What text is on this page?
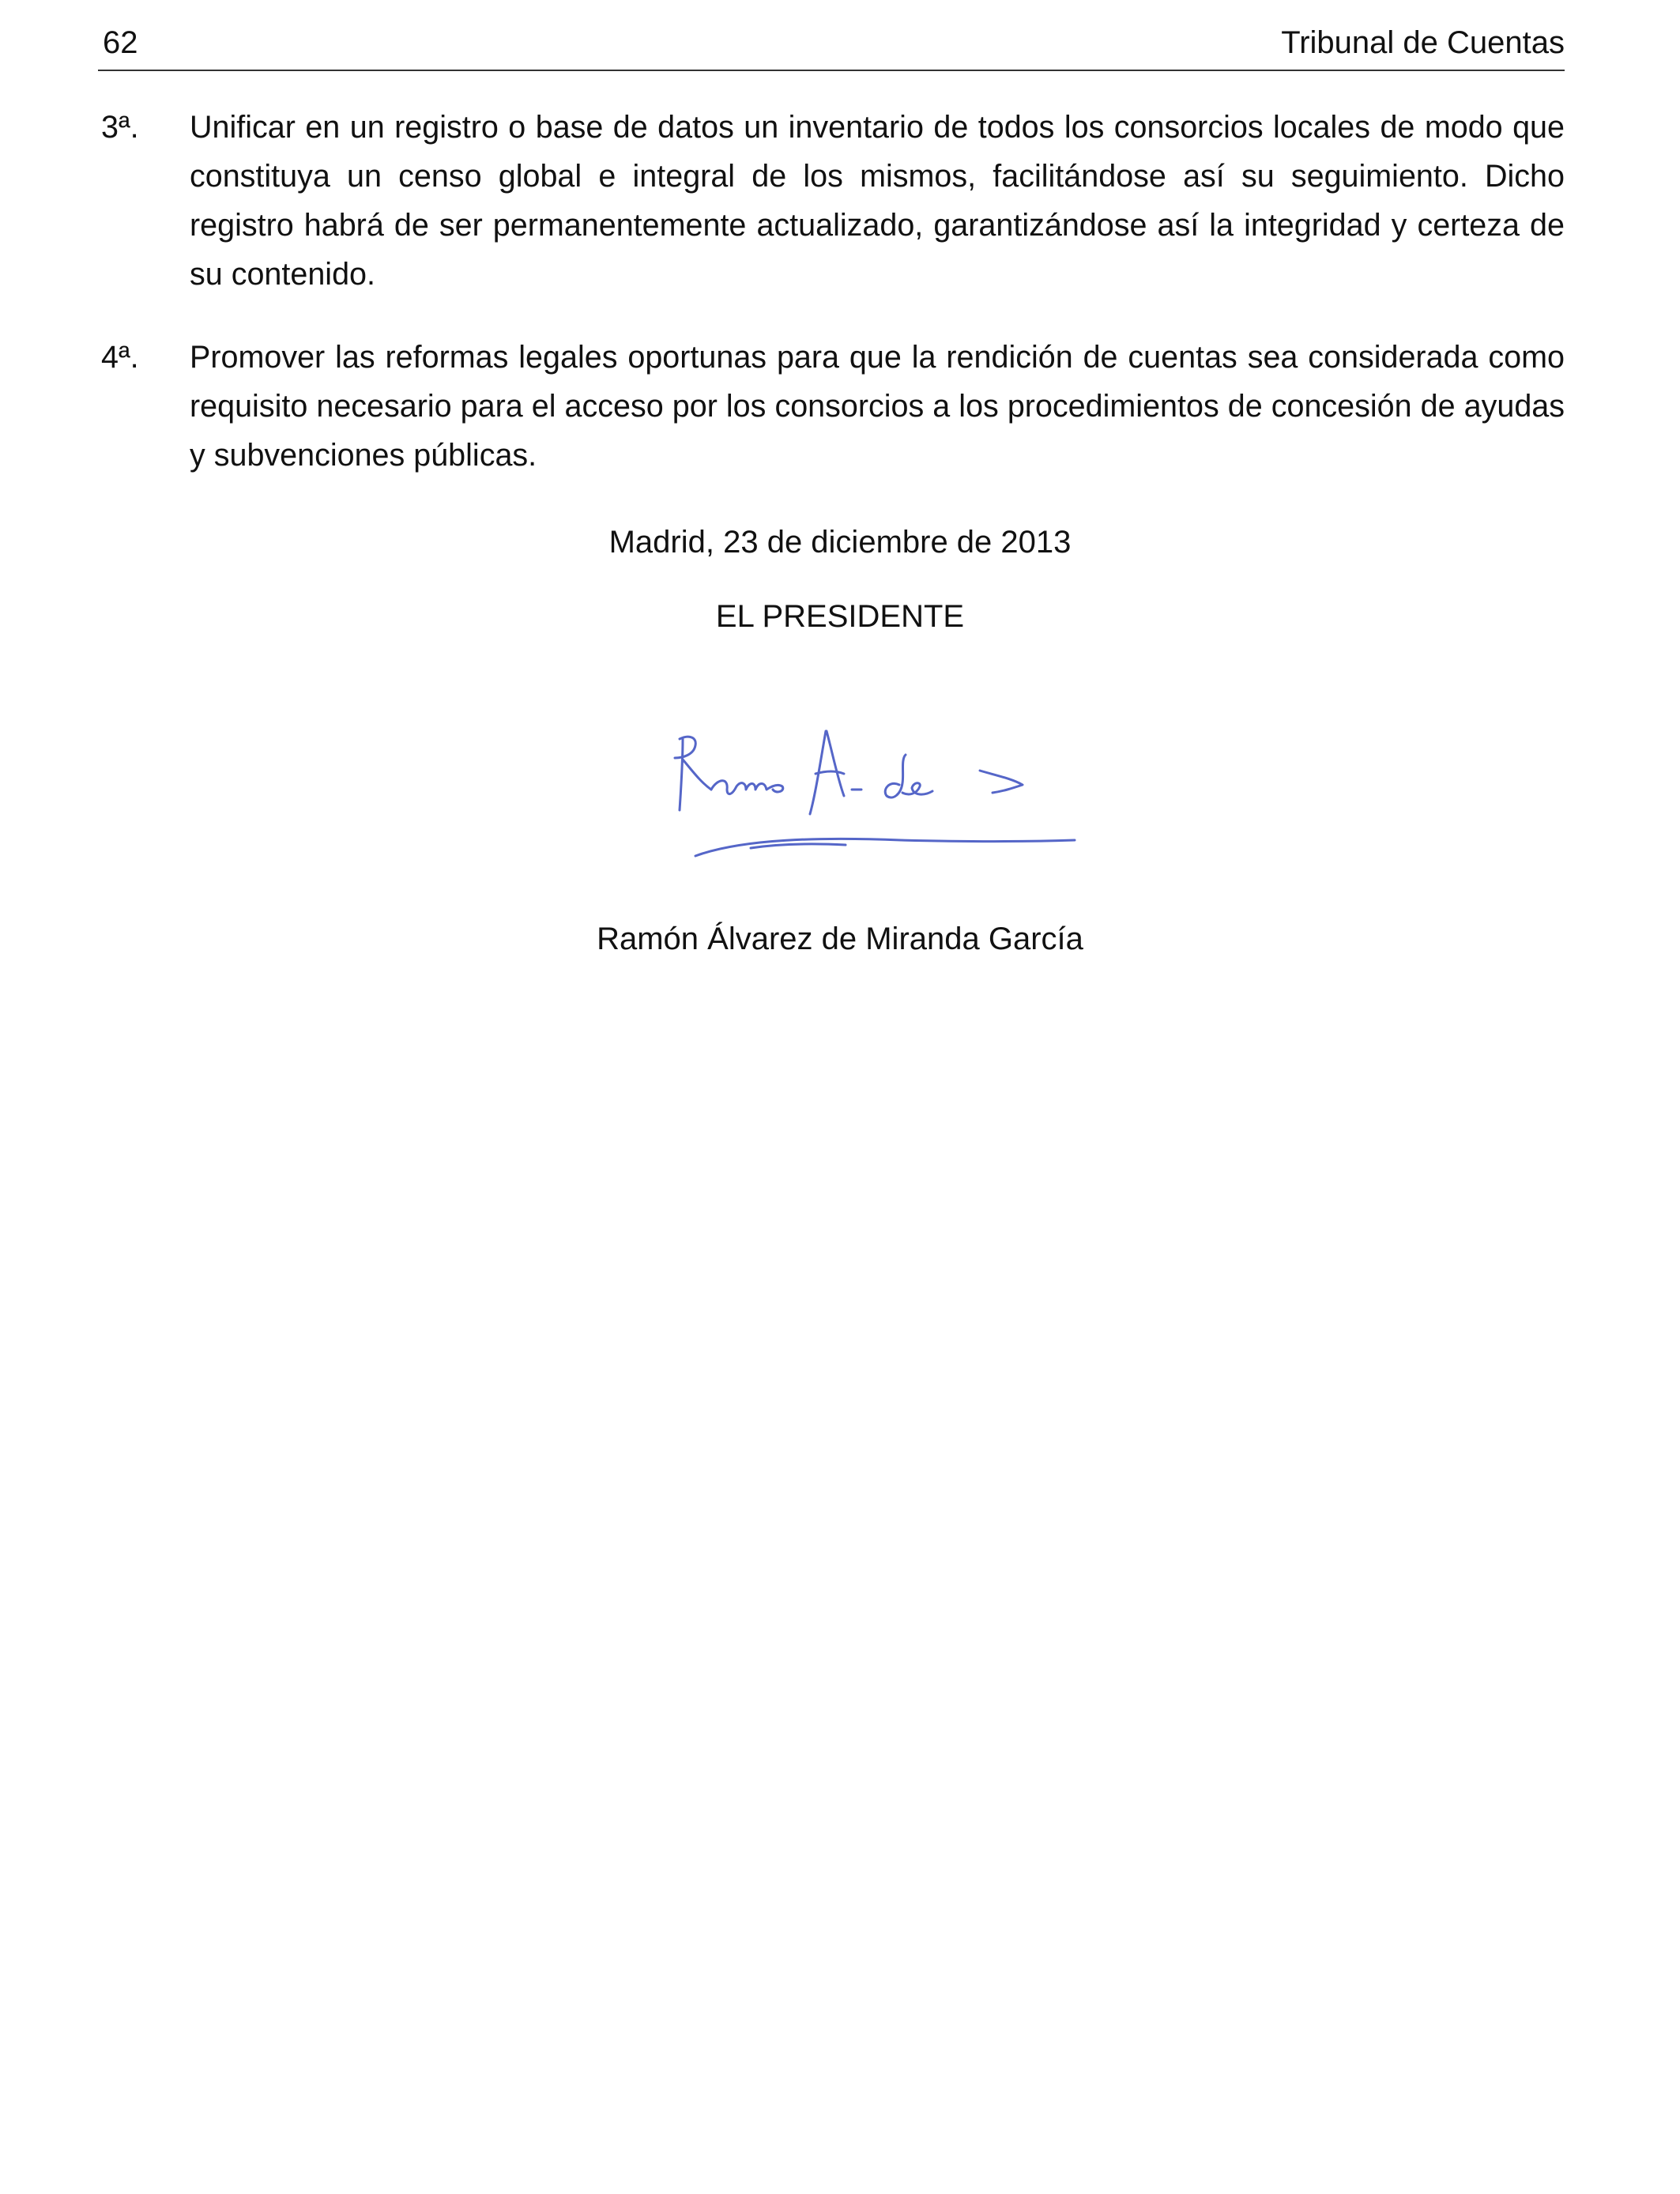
62	Tribunal de Cuentas
3ª. Unificar en un registro o base de datos un inventario de todos los consorcios locales de modo que constituya un censo global e integral de los mismos, facilitándose así su seguimiento. Dicho registro habrá de ser permanentemente actualizado, garantizándose así la integridad y certeza de su contenido.
4ª. Promover las reformas legales oportunas para que la rendición de cuentas sea considerada como requisito necesario para el acceso por los consorcios a los procedimientos de concesión de ayudas y subvenciones públicas.
Madrid, 23 de diciembre de 2013
EL PRESIDENTE
Ramón Álvarez de Miranda García
